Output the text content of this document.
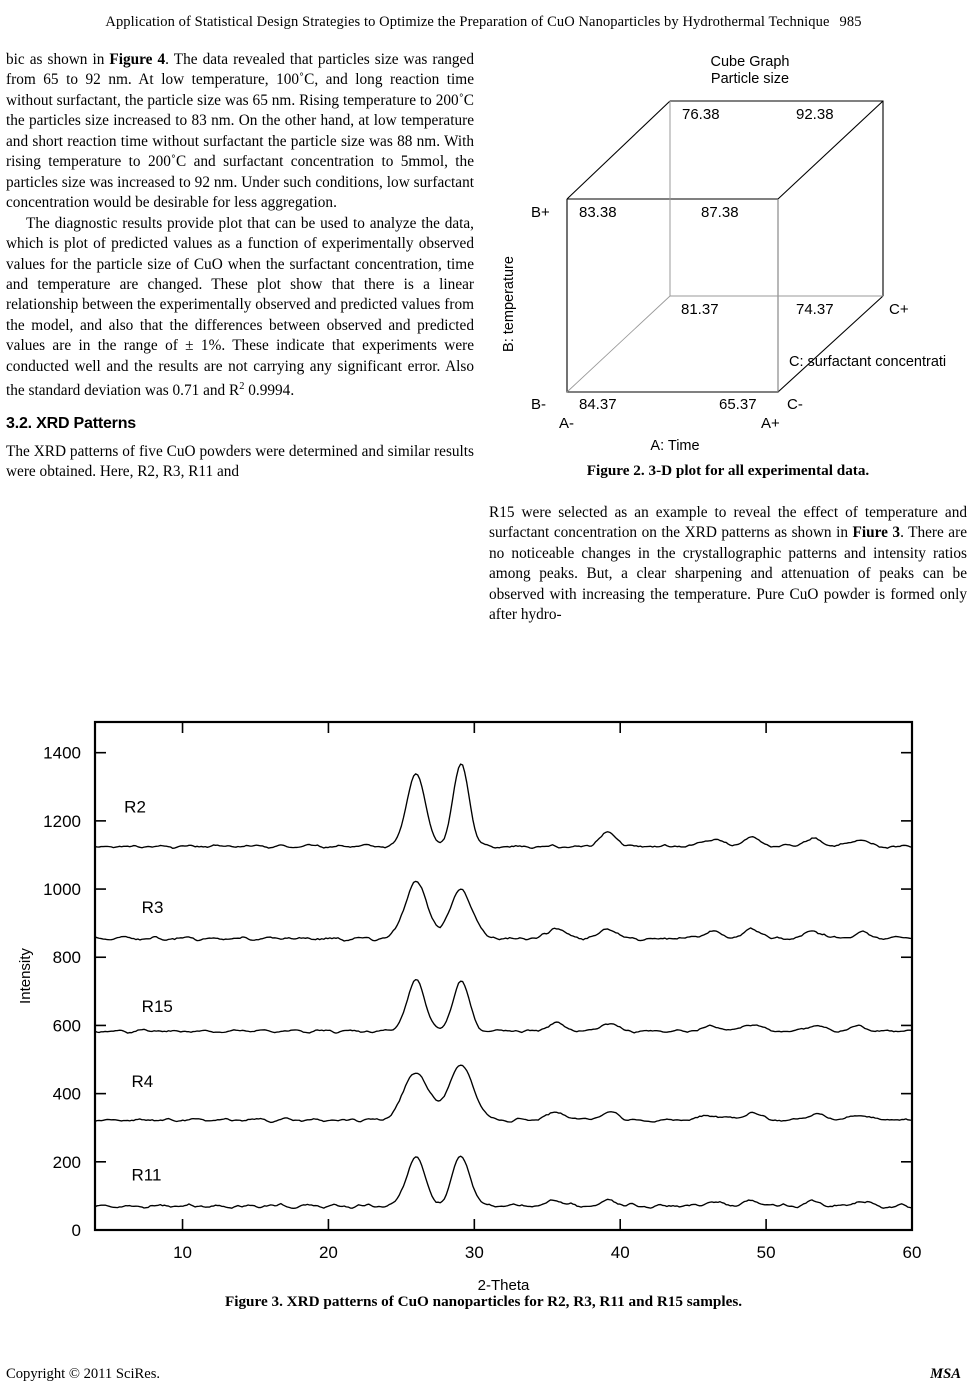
Application of Statistical Design Strategies to Optimize the Preparation of CuO Nanoparticles by Hydrothermal Technique 985

bic as shown in Figure 4. The data revealed that particles size was ranged from 65 to 92 nm. At low temperature, 100˚C, and long reaction time without surfactant, the particle size was 65 nm. Rising temperature to 200˚C the particles size increased to 83 nm. On the other hand, at low temperature and short reaction time without surfactant the particle size was 88 nm. With rising temperature to 200˚C and surfactant concentration to 5mmol, the particles size was increased to 92 nm. Under such conditions, low surfactant concentration would be desirable for less aggregation.

The diagnostic results provide plot that can be used to analyze the data, which is plot of predicted values as a function of experimentally observed values for the particle size of CuO when the surfactant concentration, time and temperature are changed. These plot show that there is a linear relationship between the experimentally observed and predicted values from the model, and also that the differences between observed and predicted values are in the range of ± 1%. These indicate that experiments were conducted well and the results are not carrying any significant error. Also the standard deviation was 0.71 and $R^2$ 0.9994.

3.2. XRD Patterns

The XRD patterns of five CuO powders were determined and similar results were obtained. Here, R2, R3, R11 and

Cube Graph
Particle size
76.38	92.38
83.38	87.38
81.37	74.37
84.37	65.37
B+
B-
C+
C-
A-	A+
A: Time
B: temperature
C: surfactant concentrati
Figure 2. 3-D plot for all experimental data.

R15 were selected as an example to reveal the effect of temperature and surfactant concentration on the XRD patterns as shown in Fiure 3. There are no noticeable changes in the crystallographic patterns and intensity ratios among peaks. But, a clear sharpening and attenuation of peaks can be observed with increasing the temperature. Pure CuO powder is formed only after hydro-

0
200
400
600
800
1000
1200
1400
10	20	30	40	50	60
2-Theta
Intensity
R2
R3
R15
R4
R11
Figure 3. XRD patterns of CuO nanoparticles for R2, R3, R11 and R15 samples.
Copyright © 2011 SciRes.	MSA
